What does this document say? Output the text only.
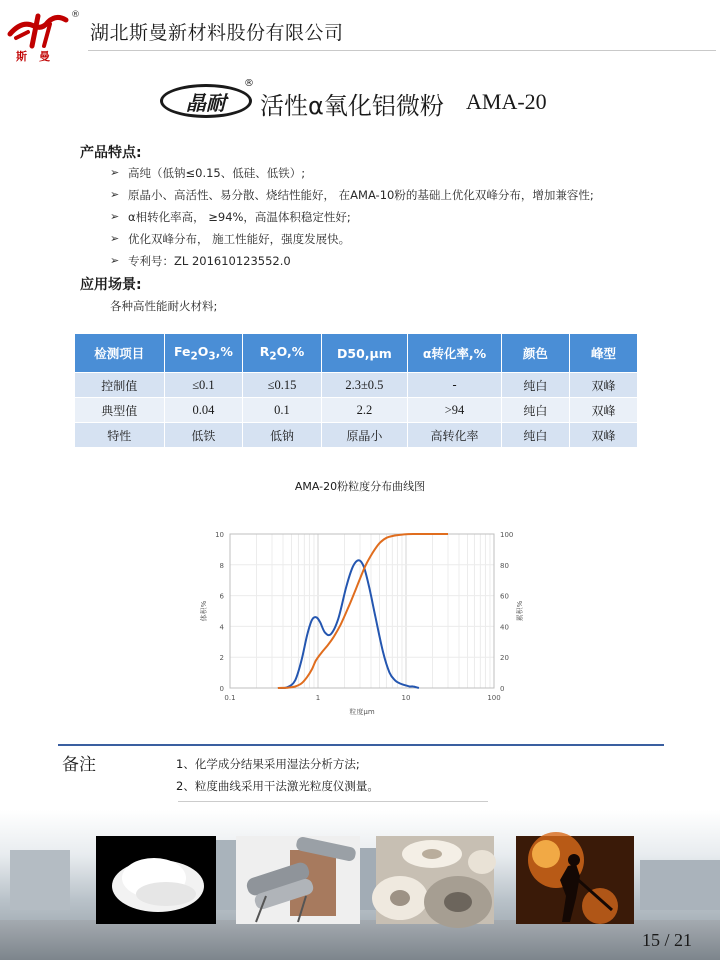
®
斯曼
湖北斯曼新材料股份有限公司
晶耐
®
活性α氧化铝微粉 AMA-20
产品特点:
➢ 高纯（低钠≤0.15、低硅、低铁）;
➢ 原晶小、高活性、易分散、烧结性能好， 在AMA-10粉的基础上优化双峰分布，增加兼容性;
➢ α相转化率高， ≥94%，高温体积稳定性好;
➢ 优化双峰分布， 施工性能好，强度发展快。
➢ 专利号：ZL 201610123552.0
应用场景:
各种高性能耐火材料;
检测项目	$Fe_2O_3,\%$	$R_2O,\%$	D50,μm	α转化率,%	颜色	峰型
控制值	≤0.1	≤0.15	2.3±0.5	-	纯白	双峰
典型值	0.04	0.1	2.2	>94	纯白	双峰
特性	低铁	低钠	原晶小	高转化率	纯白	双峰
AMA-20粉粒度分布曲线图
0
2
4
6
8
10
0
20
40
60
80
100
0.1	1	10	100
粒度μm
体积%	累积%
备注	1、化学成分结果采用湿法分析方法;
2、粒度曲线采用干法激光粒度仪测量。
15 / 21
